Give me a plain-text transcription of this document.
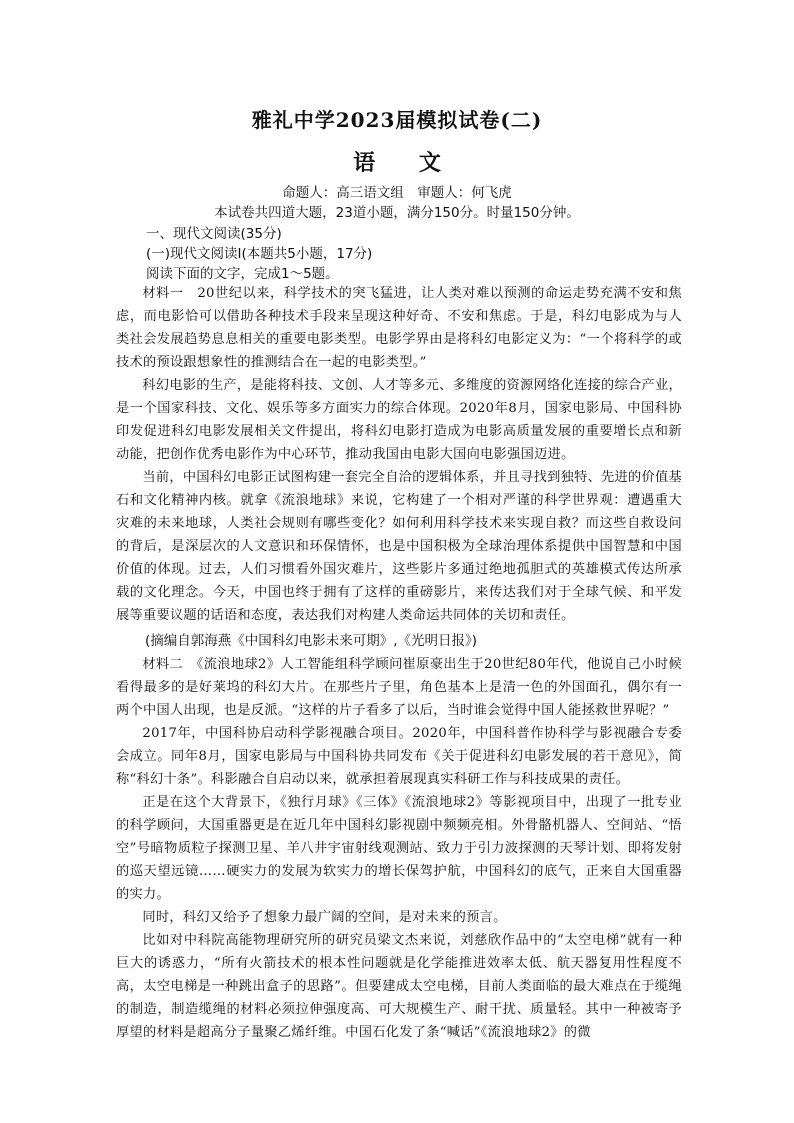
雅礼中学2023届模拟试卷(二)
语 文
命题人：高三语文组　审题人：何飞虎
本试卷共四道大题，23道小题，满分150分。时量150分钟。
一、现代文阅读(35分)
(一)现代文阅读Ⅰ(本题共5小题，17分)
阅读下面的文字，完成1～5题。

材料一　20世纪以来，科学技术的突飞猛进，让人类对难以预测的命运走势充满不安和焦虑，而电影恰可以借助各种技术手段来呈现这种好奇、不安和焦虑。于是，科幻电影成为与人类社会发展趋势息息相关的重要电影类型。电影学界由是将科幻电影定义为：“一个将科学的或技术的预设跟想象性的推测结合在一起的电影类型。”

科幻电影的生产，是能将科技、文创、人才等多元、多维度的资源网络化连接的综合产业，是一个国家科技、文化、娱乐等多方面实力的综合体现。2020年8月，国家电影局、中国科协印发促进科幻电影发展相关文件提出，将科幻电影打造成为电影高质量发展的重要增长点和新动能，把创作优秀电影作为中心环节，推动我国由电影大国向电影强国迈进。

当前，中国科幻电影正试图构建一套完全自洽的逻辑体系，并且寻找到独特、先进的价值基石和文化精神内核。就拿《流浪地球》来说，它构建了一个相对严谨的科学世界观：遭遇重大灾难的未来地球，人类社会规则有哪些变化？如何利用科学技术来实现自救？而这些自救设问的背后，是深层次的人文意识和环保情怀，也是中国积极为全球治理体系提供中国智慧和中国价值的体现。过去，人们习惯看外国灾难片，这些影片多通过绝地孤胆式的英雄模式传达所承载的文化理念。今天，中国也终于拥有了这样的重磅影片，来传达我们对于全球气候、和平发展等重要议题的话语和态度，表达我们对构建人类命运共同体的关切和责任。

(摘编自郭海燕《中国科幻电影未来可期》,《光明日报》)

材料二　《流浪地球2》人工智能组科学顾问崔原豪出生于20世纪80年代，他说自己小时候看得最多的是好莱坞的科幻大片。在那些片子里，角色基本上是清一色的外国面孔，偶尔有一两个中国人出现，也是反派。“这样的片子看多了以后，当时谁会觉得中国人能拯救世界呢？”

2017年，中国科协启动科学影视融合项目。2020年，中国科普作协科学与影视融合专委会成立。同年8月，国家电影局与中国科协共同发布《关于促进科幻电影发展的若干意见》，简称“科幻十条”。科影融合自启动以来，就承担着展现真实科研工作与科技成果的责任。

正是在这个大背景下，《独行月球》《三体》《流浪地球2》等影视项目中，出现了一批专业的科学顾问，大国重器更是在近几年中国科幻影视剧中频频亮相。外骨骼机器人、空间站、“悟空”号暗物质粒子探测卫星、羊八井宇宙射线观测站、致力于引力波探测的天琴计划、即将发射的巡天望远镜……硬实力的发展为软实力的增长保驾护航，中国科幻的底气，正来自大国重器的实力。

同时，科幻又给予了想象力最广阔的空间，是对未来的预言。

比如对中科院高能物理研究所的研究员梁文杰来说，刘慈欣作品中的“太空电梯”就有一种巨大的诱惑力，“所有火箭技术的根本性问题就是化学能推进效率太低、航天器复用性程度不高，太空电梯是一种跳出盒子的思路”。但要建成太空电梯，目前人类面临的最大难点在于缆绳的制造，制造缆绳的材料必须拉伸强度高、可大规模生产、耐干扰、质量轻。其中一种被寄予厚望的材料是超高分子量聚乙烯纤维。中国石化发了条“喊话”《流浪地球2》的微
